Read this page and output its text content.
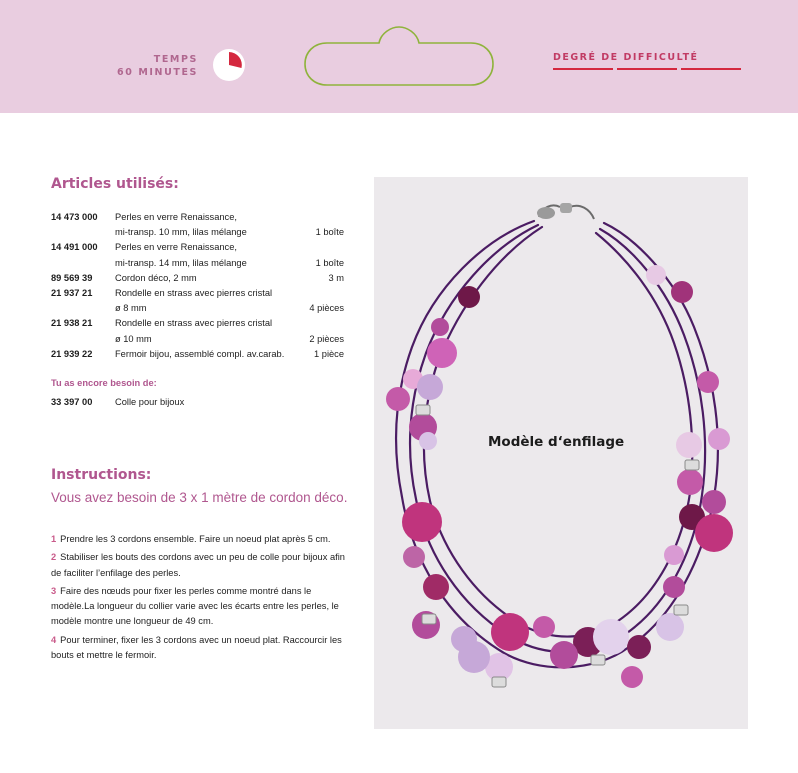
TEMPS
60 MINUTES
DEGRÉ DE DIFFICULTÉ
Articles utilisés:
14 473 000	Perles en verre Renaissance,
mi-transp. 10 mm, lilas mélange	1 boîte
14 491 000	Perles en verre Renaissance,
mi-transp. 14 mm, lilas mélange	1 boîte
89 569 39	Cordon déco, 2 mm	3 m
21 937 21	Rondelle en strass avec pierres cristal
ø 8 mm	4 pièces
21 938 21	Rondelle en strass avec pierres cristal
ø 10 mm	2 pièces
21 939 22	Fermoir bijou, assemblé compl. av.carab.	1 pièce
Tu as encore besoin de:
33 397 00	Colle pour bijoux
Instructions:
Vous avez besoin de 3 x 1 mètre de cordon déco.
1 Prendre les 3 cordons ensemble. Faire un noeud plat après 5 cm.
2 Stabiliser les bouts des cordons avec un peu de colle pour bijoux afin de faciliter l’enfilage des perles.
3 Faire des nœuds pour fixer les perles comme montré dans le modèle.La longueur du collier varie avec les écarts entre les perles, le modèle montre une longueur de 49 cm.
4 Pour terminer, fixer les 3 cordons avec un noeud plat. Raccourcir les bouts et mettre le fermoir.
Modèle d‘enfilage
